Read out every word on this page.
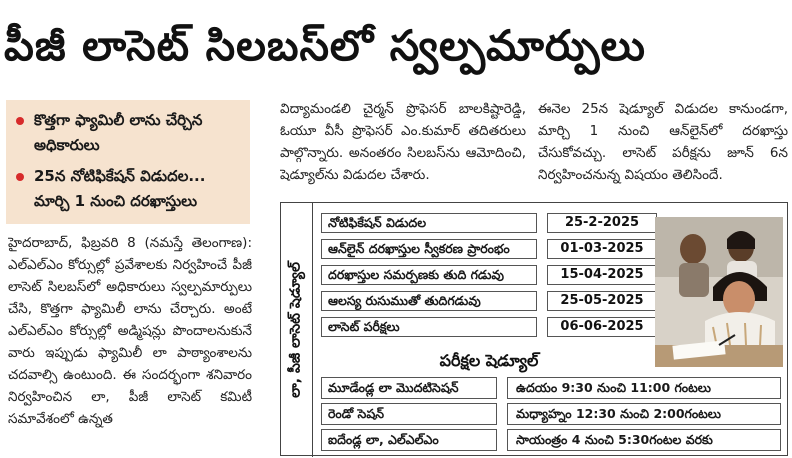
పీజీ లాసెట్‌ సిలబస్‌లో స్వల్పమార్పులు
కొత్తగా ఫ్యామిలీ లాను చేర్చిన అధికారులు
25న నోటిఫికేషన్‌ విడుదల... మార్చి 1 నుంచి దరఖాస్తులు
హైదరాబాద్‌, ఫిబ్రవరి 8 (నమస్తే తెలంగాణ): ఎల్‌ఎల్‌ఎం కోర్సుల్లో ప్రవేశాలకు నిర్వహించే పీజీ లాసెట్‌ సిలబస్‌లో అధికారులు స్వల్పమార్పులు చేసి, కొత్తగా ఫ్యామిలీ లాను చేర్చారు. అంటే ఎల్‌ఎల్‌ఎం కోర్సుల్లో అడ్మిషన్లు పొందాలనుకునే వారు ఇప్పుడు ఫ్యామిలీ లా పాఠ్యాంశాలను చదవాల్సి ఉంటుంది. ఈ సందర్భంగా శనివారం నిర్వహించిన లా, పీజీ లాసెట్‌ కమిటీ సమావేశంలో ఉన్నత
విద్యామండలి చైర్మన్‌ ప్రొఫెసర్‌ బాలకిష్టారెడ్డి, ఓయూ వీసీ ప్రొఫెసర్‌ ఎం.కుమార్‌ తదితరులు పాల్గొన్నారు. అనంతరం సిలబస్‌ను ఆమోదించి, షెడ్యూల్‌ను విడుదల చేశారు.
ఈనెల 25న షెడ్యూల్‌ విడుదల కానుండగా, మార్చి 1 నుంచి ఆన్‌లైన్‌లో దరఖాస్తు చేసుకోవచ్చు. లాసెట్‌ పరీక్షను జూన్‌ 6న నిర్వహించనున్న విషయం తెలిసిందే.
లా, పీజీ లాసెట్‌ షెడ్యూల్‌
నోటిఫికేషన్‌ విడుదల	25-2-2025
ఆన్‌లైన్‌ దరఖాస్తుల స్వీకరణ ప్రారంభం	01-03-2025
దరఖాస్తుల సమర్పణకు తుది గడువు	15-04-2025
ఆలస్య రుసుముతో తుదిగడువు	25-05-2025
లాసెట్‌ పరీక్షలు	06-06-2025
పరీక్షల షెడ్యూల్‌
మూడేండ్ల లా మొదటిసెషన్‌	ఉదయం 9:30 నుంచి 11:00 గంటలు
రెండో సెషన్‌	మధ్యాహ్నం 12:30 నుంచి 2:00గంటలు
ఐదేండ్ల లా, ఎల్‌ఎల్‌ఎం	సాయంత్రం 4 నుంచి 5:30గంటల వరకు
